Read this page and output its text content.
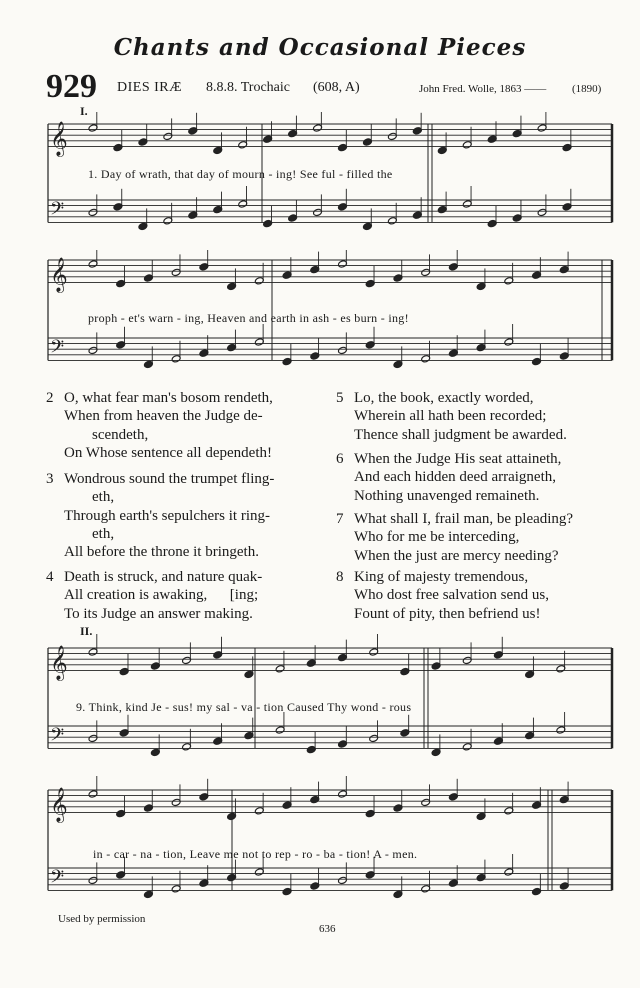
Chants and Occasional Pieces
929 DIES IRÆ 8.8.8. Trochaic (608, A)	John Fred. Wolle, 1863 —— (1890)
I.
II.
𝄞
𝄢
1. Day of wrath, that day of mourn - ing! See ful - filled the
𝄞
𝄢
proph - et's warn - ing, Heaven and earth in ash - es burn - ing!
𝄞
𝄢
9. Think, kind Je - sus! my sal - va - tion Caused Thy wond - rous
𝄞
𝄢
in - car - na - tion, Leave me not to rep - ro - ba - tion! A - men.
2 O, what fear man's bosom rendeth,
When from heaven the Judge de-
scendeth,
On Whose sentence all dependeth!
3 Wondrous sound the trumpet fling-
eth,
Through earth's sepulchers it ring-
eth,
All before the throne it bringeth.
4 Death is struck, and nature quak-
All creation is awaking,      [ing;
To its Judge an answer making.
5 Lo, the book, exactly worded,
Wherein all hath been recorded;
Thence shall judgment be awarded.
6 When the Judge His seat attaineth,
And each hidden deed arraigneth,
Nothing unavenged remaineth.
7 What shall I, frail man, be pleading?
Who for me be interceding,
When the just are mercy needing?
8 King of majesty tremendous,
Who dost free salvation send us,
Fount of pity, then befriend us!
Used by permission
636
